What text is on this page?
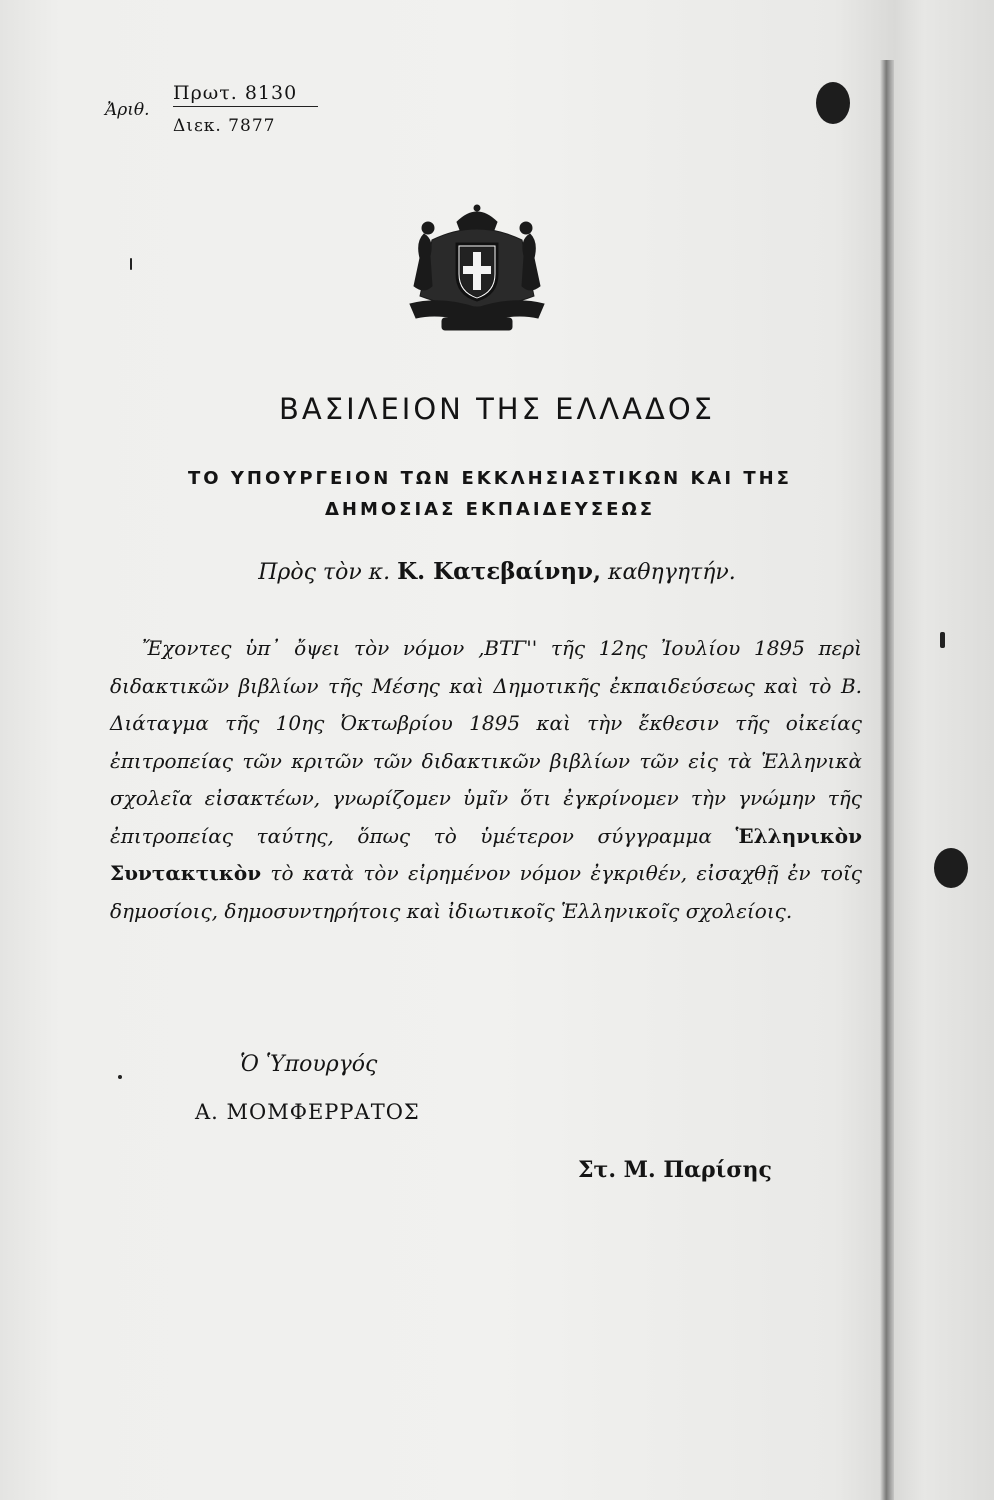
Ἀριθ.
Πρωτ. 8130
Διεκ. 7877
ΒΑΣΙΛΕΙΟΝ ΤΗΣ ΕΛΛΑΔΟΣ
ΤΟ ΥΠΟΥΡΓΕΙΟΝ ΤΩΝ ΕΚΚΛΗΣΙΑΣΤΙΚΩΝ ΚΑΙ ΤΗΣ ΔΗΜΟΣΙΑΣ ΕΚΠΑΙΔΕΥΣΕΩΣ
Πρὸς τὸν κ. Κ. Κατεβαίνην, καθηγητήν.

Ἔχοντες ὑπ᾽ ὄψει τὸν νόμον ‚ΒΤΓ'' τῆς 12ης Ἰουλίου 1895 περὶ διδακτικῶν βιβλίων τῆς Μέσης καὶ Δημοτικῆς ἐκπαιδεύσεως καὶ τὸ Β. Διάταγμα τῆς 10ης Ὀκτωβρίου 1895 καὶ τὴν ἔκθεσιν τῆς οἰκείας ἐπιτροπείας τῶν κριτῶν τῶν διδακτικῶν βιβλίων τῶν εἰς τὰ Ἑλληνικὰ σχολεῖα εἰσακτέων, γνωρίζομεν ὑμῖν ὅτι ἐγκρίνομεν τὴν γνώμην τῆς ἐπιτροπείας ταύτης, ὅπως τὸ ὑμέτερον σύγγραμμα Ἑλληνικὸν Συντακτικὸν τὸ κατὰ τὸν εἰρημένον νόμον ἐγκριθέν, εἰσαχθῇ ἐν τοῖς δημοσίοις, δημοσυντηρήτοις καὶ ἰδιωτικοῖς Ἑλληνικοῖς σχολείοις.

Ὁ Ὑπουργός
Α. ΜΟΜΦΕΡΡΑΤΟΣ
Στ. Μ. Παρίσης
